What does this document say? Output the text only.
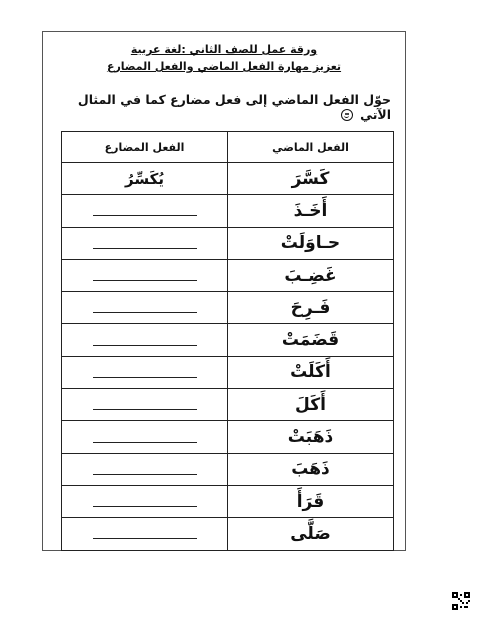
ورقة عمل للصف الثاني :لغة عربية
تعزيز مهارة الفعل الماضي والفعل المضارع
حوّل الفعل الماضي إلى فعل مضارع كما في المثال الآتي
الفعل الماضي	الفعل المضارع
كَسَّرَ	يُكَسِّرُ
أَخَـذَ	
حـاوَلَتْ	
غَضِـبَ	
فَـرِحَ	
قَضَمَتْ	
أَكَلَتْ	
أَكَلَ	
ذَهَبَتْ	
ذَهَبَ	
قَرَأَ	
صَلَّى	
